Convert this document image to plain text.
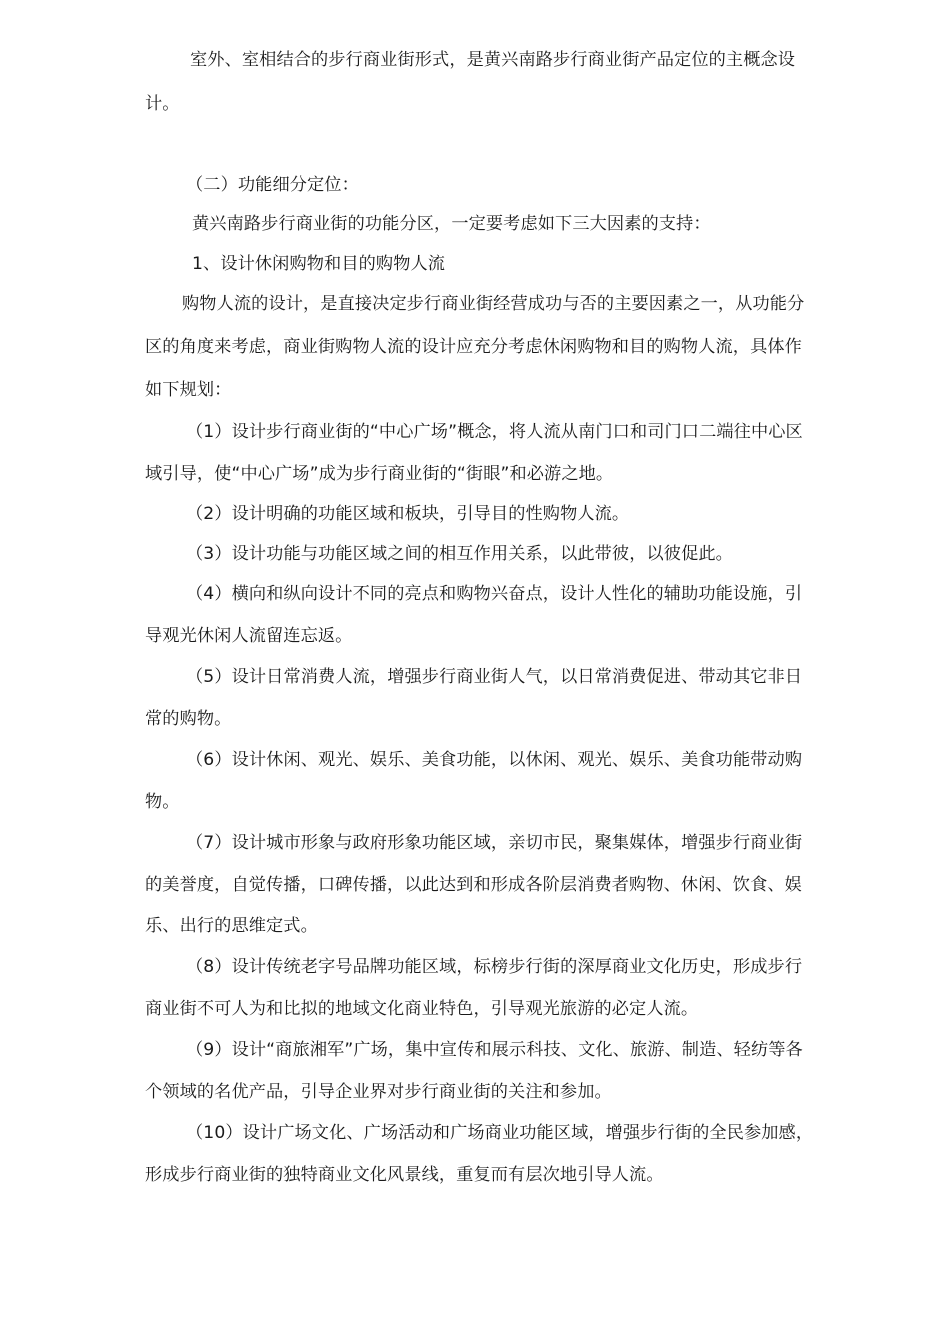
室外、室相结合的步行商业街形式，是黄兴南路步行商业街产品定位的主概念设
计。
（二）功能细分定位：
黄兴南路步行商业街的功能分区，一定要考虑如下三大因素的支持：
1、设计休闲购物和目的购物人流
购物人流的设计，是直接决定步行商业街经营成功与否的主要因素之一，从功能分
区的角度来考虑，商业街购物人流的设计应充分考虑休闲购物和目的购物人流，具体作
如下规划：
（1）设计步行商业街的“中心广场”概念，将人流从南门口和司门口二端往中心区
域引导，使“中心广场”成为步行商业街的“街眼”和必游之地。
（2）设计明确的功能区域和板块，引导目的性购物人流。
（3）设计功能与功能区域之间的相互作用关系，以此带彼，以彼促此。
（4）横向和纵向设计不同的亮点和购物兴奋点，设计人性化的辅助功能设施，引
导观光休闲人流留连忘返。
（5）设计日常消费人流，增强步行商业街人气，以日常消费促进、带动其它非日
常的购物。
（6）设计休闲、观光、娱乐、美食功能，以休闲、观光、娱乐、美食功能带动购
物。
（7）设计城市形象与政府形象功能区域，亲切市民，聚集媒体，增强步行商业街
的美誉度，自觉传播，口碑传播，以此达到和形成各阶层消费者购物、休闲、饮食、娱
乐、出行的思维定式。
（8）设计传统老字号品牌功能区域，标榜步行街的深厚商业文化历史，形成步行
商业街不可人为和比拟的地域文化商业特色，引导观光旅游的必定人流。
（9）设计“商旅湘军”广场，集中宣传和展示科技、文化、旅游、制造、轻纺等各
个领域的名优产品，引导企业界对步行商业街的关注和参加。
（10）设计广场文化、广场活动和广场商业功能区域，增强步行街的全民参加感，
形成步行商业街的独特商业文化风景线，重复而有层次地引导人流。
